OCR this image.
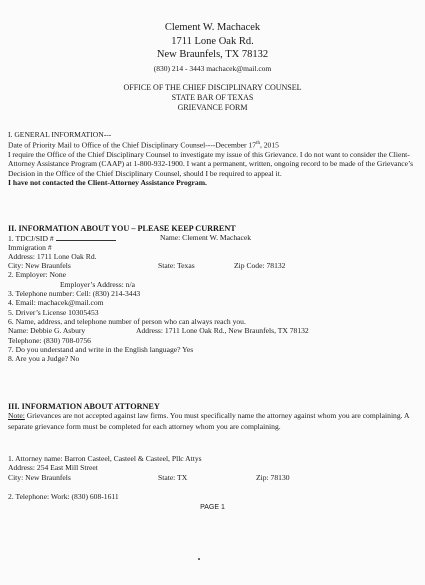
Clement W. Machacek
1711 Lone Oak Rd.
New Braunfels, TX 78132
(830) 214 - 3443 machacek@mail.com
OFFICE OF THE CHIEF DISCIPLINARY COUNSEL
STATE BAR OF TEXAS
GRIEVANCE FORM

I. GENERAL INFORMATION---

Date of Priority Mail to Office of the Chief Disciplinary Counsel----December 17th, 2015

I require the Office of the Chief Disciplinary Counsel to investigate my issue of this Grievance. I do not want to consider the Client-Attorney Assistance Program (CAAP) at 1-800-932-1900. I want a permanent, written, ongoing record to be made of the Grievance’s Decision in the Office of the Chief Disciplinary Counsel, should I be required to appeal it.

I have not contacted the Client-Attorney Assistance Program.

II. INFORMATION ABOUT YOU – PLEASE KEEP CURRENT

1. TDCJ/SID #	Name: Clement W. Machacek

Immigration #

Address: 1711 Lone Oak Rd.

City: New Braunfels	State: Texas	Zip Code: 78132

2. Employer: None

Employer’s Address: n/a

3. Telephone number: Cell: (830) 214-3443

4. Email: machacek@mail.com

5. Driver’s License 10305453

6. Name, address, and telephone number of person who can always reach you.

Name: Debbie G. Asbury	Address: 1711 Lone Oak Rd., New Braunfels, TX 78132

Telephone: (830) 708-0756

7. Do you understand and write in the English language? Yes

8. Are you a Judge? No

III. INFORMATION ABOUT ATTORNEY

Note: Grievances are not accepted against law firms. You must specifically name the attorney against whom you are complaining. A separate grievance form must be completed for each attorney whom you are complaining.

1. Attorney name: Barron Casteel, Casteel & Casteel, Pllc Attys

Address: 254 East Mill Street

City: New Braunfels	State: TX	Zip: 78130

2. Telephone: Work: (830) 608-1611

PAGE 1
